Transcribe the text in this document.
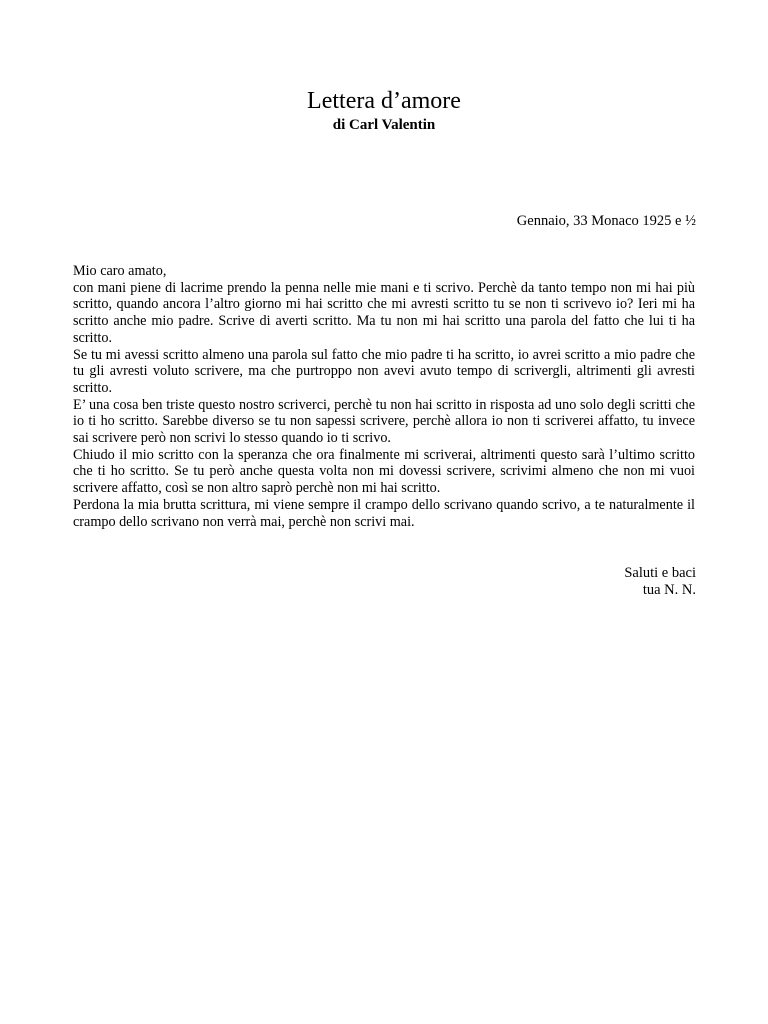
Lettera d’amore
di Carl Valentin
Gennaio, 33 Monaco 1925 e ½

Mio caro amato,

con mani piene di lacrime prendo la penna nelle mie mani e ti scrivo. Perchè da tanto tempo non mi hai più scritto, quando ancora l’altro giorno mi hai scritto che mi avresti scritto tu se non ti scrivevo io? Ieri mi ha scritto anche mio padre. Scrive di averti scritto. Ma tu non mi hai scritto una parola del fatto che lui ti ha scritto.

Se tu mi avessi scritto almeno una parola sul fatto che mio padre ti ha scritto, io avrei scritto a mio padre che tu gli avresti voluto scrivere, ma che purtroppo non avevi avuto tempo di scrivergli, altrimenti gli avresti scritto.

E’ una cosa ben triste questo nostro scriverci, perchè tu non hai scritto in risposta ad uno solo degli scritti che io ti ho scritto. Sarebbe diverso se tu non sapessi scrivere, perchè allora io non ti scriverei affatto, tu invece sai scrivere però non scrivi lo stesso quando io ti scrivo.

Chiudo il mio scritto con la speranza che ora finalmente mi scriverai, altrimenti questo sarà l’ultimo scritto che ti ho scritto. Se tu però anche questa volta non mi dovessi scrivere, scrivimi almeno che non mi vuoi scrivere affatto, così se non altro saprò perchè non mi hai scritto.

Perdona la mia brutta scrittura, mi viene sempre il crampo dello scrivano quando scrivo, a te naturalmente il crampo dello scrivano non verrà mai, perchè non scrivi mai.

Saluti e baci
tua N. N.
